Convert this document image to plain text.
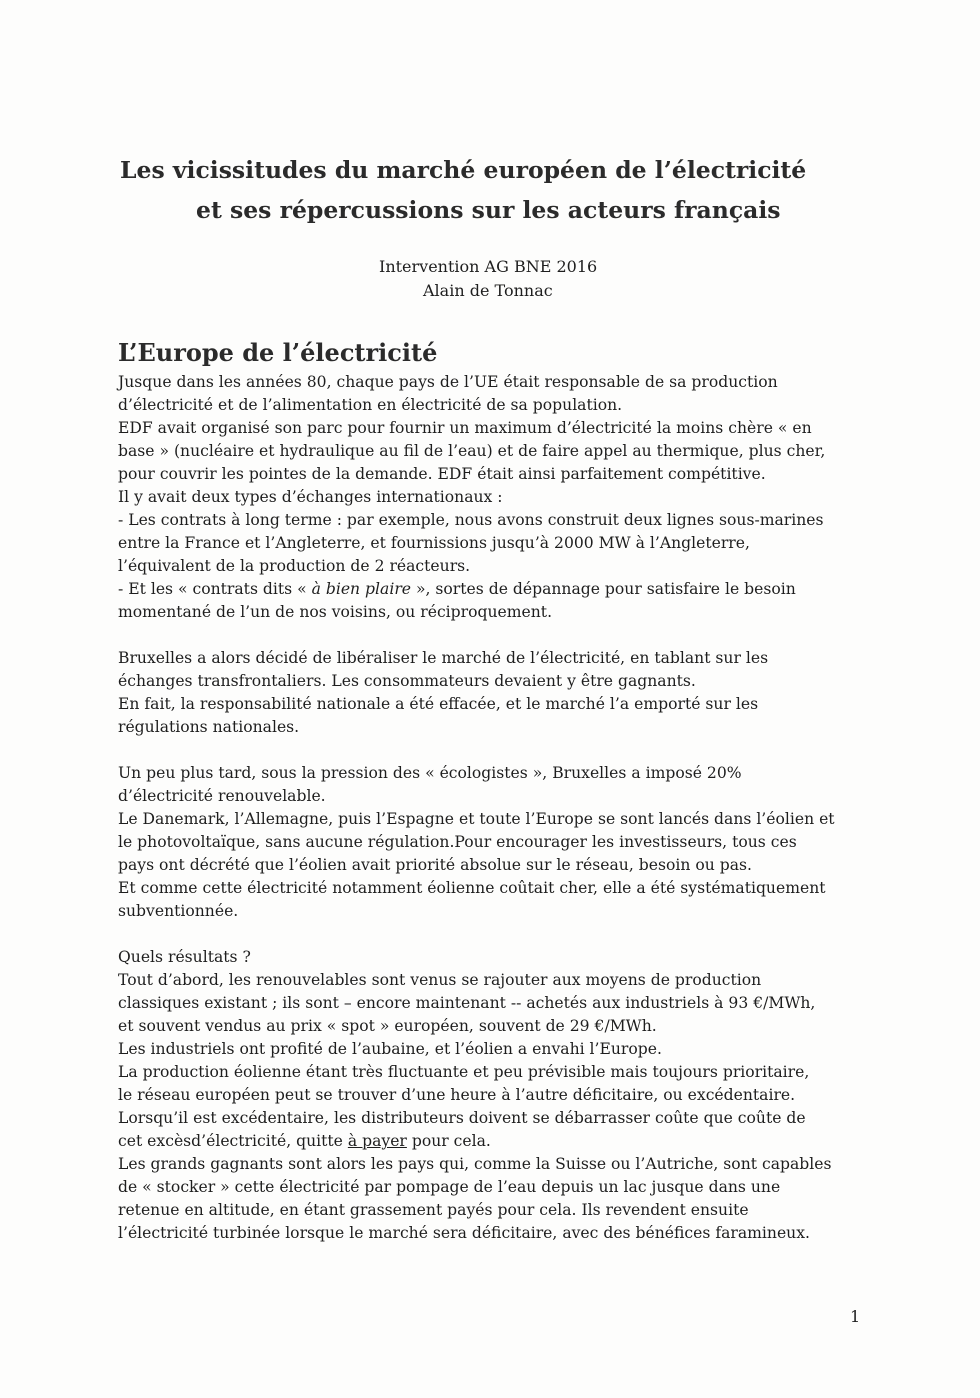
Les vicissitudes du marché européen de l’électricité
et ses répercussions sur les acteurs français
Intervention AG BNE 2016
Alain de Tonnac
L’Europe de l’électricité

Jusque dans les années 80, chaque pays de l’UE était responsable de sa production
d’électricité et de l’alimentation en électricité de sa population.
EDF avait organisé son parc pour fournir un maximum d’électricité la moins chère « en
base » (nucléaire et hydraulique au fil de l’eau) et de faire appel au thermique, plus cher,
pour couvrir les pointes de la demande. EDF était ainsi parfaitement compétitive.
Il y avait deux types d’échanges internationaux :
- Les contrats à long terme : par exemple, nous avons construit deux lignes sous-marines
entre la France et l’Angleterre, et fournissions jusqu’à 2000 MW à l’Angleterre,
l’équivalent de la production de 2 réacteurs.
- Et les « contrats dits « à bien plaire », sortes de dépannage pour satisfaire le besoin
momentané de l’un de nos voisins, ou réciproquement.

Bruxelles a alors décidé de libéraliser le marché de l’électricité, en tablant sur les
échanges transfrontaliers. Les consommateurs devaient y être gagnants.
En fait, la responsabilité nationale a été effacée, et le marché l’a emporté sur les
régulations nationales.

Un peu plus tard, sous la pression des « écologistes », Bruxelles a imposé 20%
d’électricité renouvelable.
Le Danemark, l’Allemagne, puis l’Espagne et toute l’Europe se sont lancés dans l’éolien et
le photovoltaïque, sans aucune régulation.Pour encourager les investisseurs, tous ces
pays ont décrété que l’éolien avait priorité absolue sur le réseau, besoin ou pas.
Et comme cette électricité notamment éolienne coûtait cher, elle a été systématiquement
subventionnée.

Quels résultats ?
Tout d’abord, les renouvelables sont venus se rajouter aux moyens de production
classiques existant ; ils sont – encore maintenant -- achetés aux industriels à 93 €/MWh,
et souvent vendus au prix « spot » européen, souvent de 29 €/MWh.
Les industriels ont profité de l’aubaine, et l’éolien a envahi l’Europe.
La production éolienne étant très fluctuante et peu prévisible mais toujours prioritaire,
le réseau européen peut se trouver d’une heure à l’autre déficitaire, ou excédentaire.
Lorsqu’il est excédentaire, les distributeurs doivent se débarrasser coûte que coûte de
cet excèsd’électricité, quitte à payer pour cela.
Les grands gagnants sont alors les pays qui, comme la Suisse ou l’Autriche, sont capables
de « stocker » cette électricité par pompage de l’eau depuis un lac jusque dans une
retenue en altitude, en étant grassement payés pour cela. Ils revendent ensuite
l’électricité turbinée lorsque le marché sera déficitaire, avec des bénéfices faramineux.

1
